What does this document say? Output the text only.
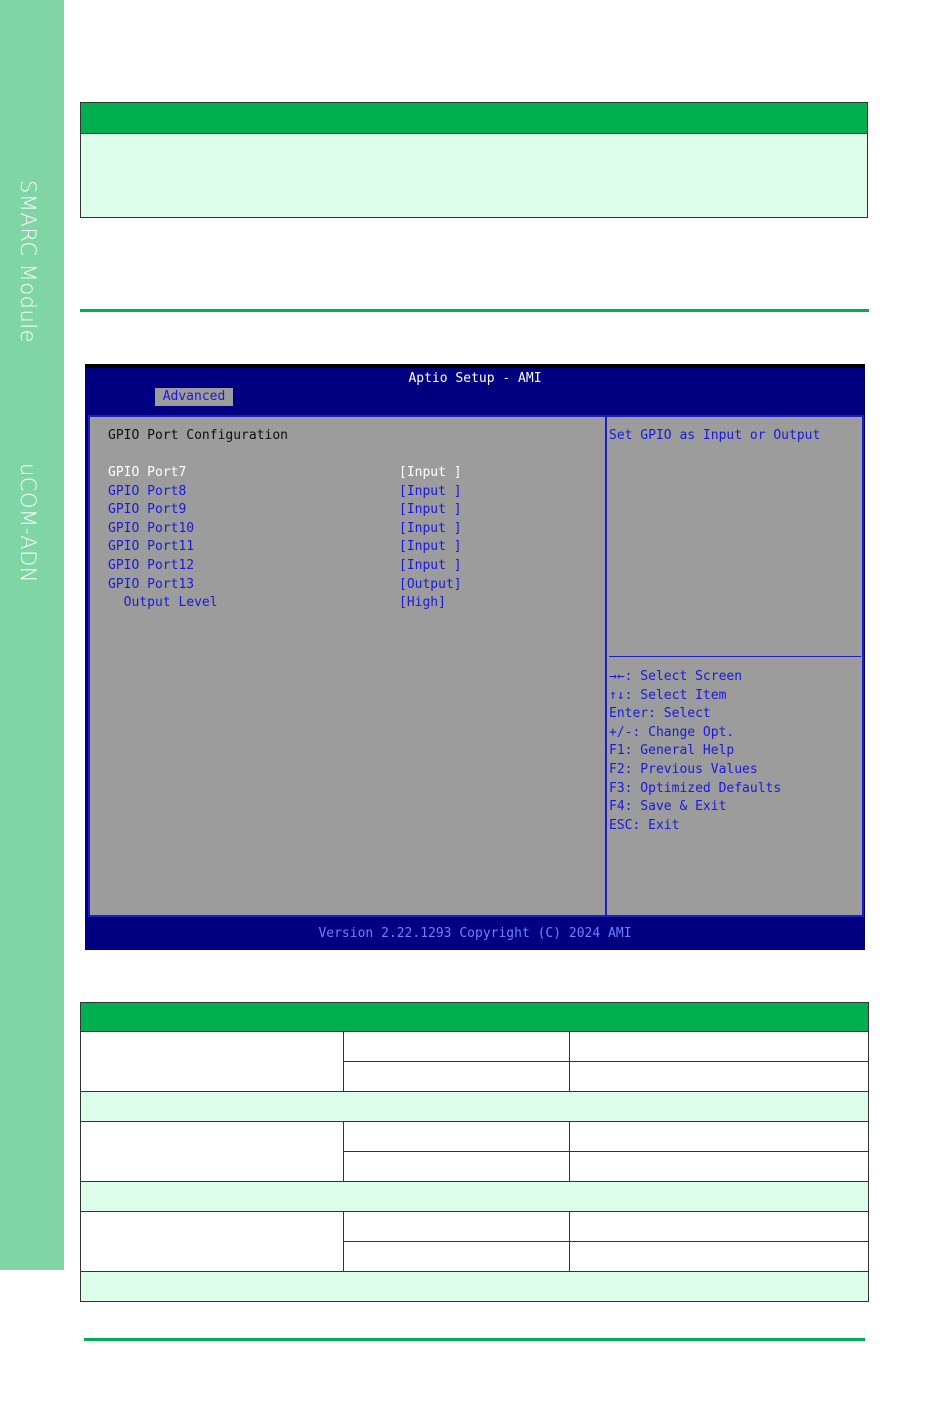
SMARC Module
uCOM-ADN
Aptio Setup - AMI
Advanced
GPIO Port Configuration
GPIO Port7	[Input ]
GPIO Port8	[Input ]
GPIO Port9	[Input ]
GPIO Port10	[Input ]
GPIO Port11	[Input ]
GPIO Port12	[Input ]
GPIO Port13	[Output]
Output Level	[High]
Set GPIO as Input or Output
→←: Select Screen
↑↓: Select Item
Enter: Select
+/-: Change Opt.
F1: General Help
F2: Previous Values
F3: Optimized Defaults
F4: Save & Exit
ESC: Exit
Version 2.22.1293 Copyright (C) 2024 AMI
